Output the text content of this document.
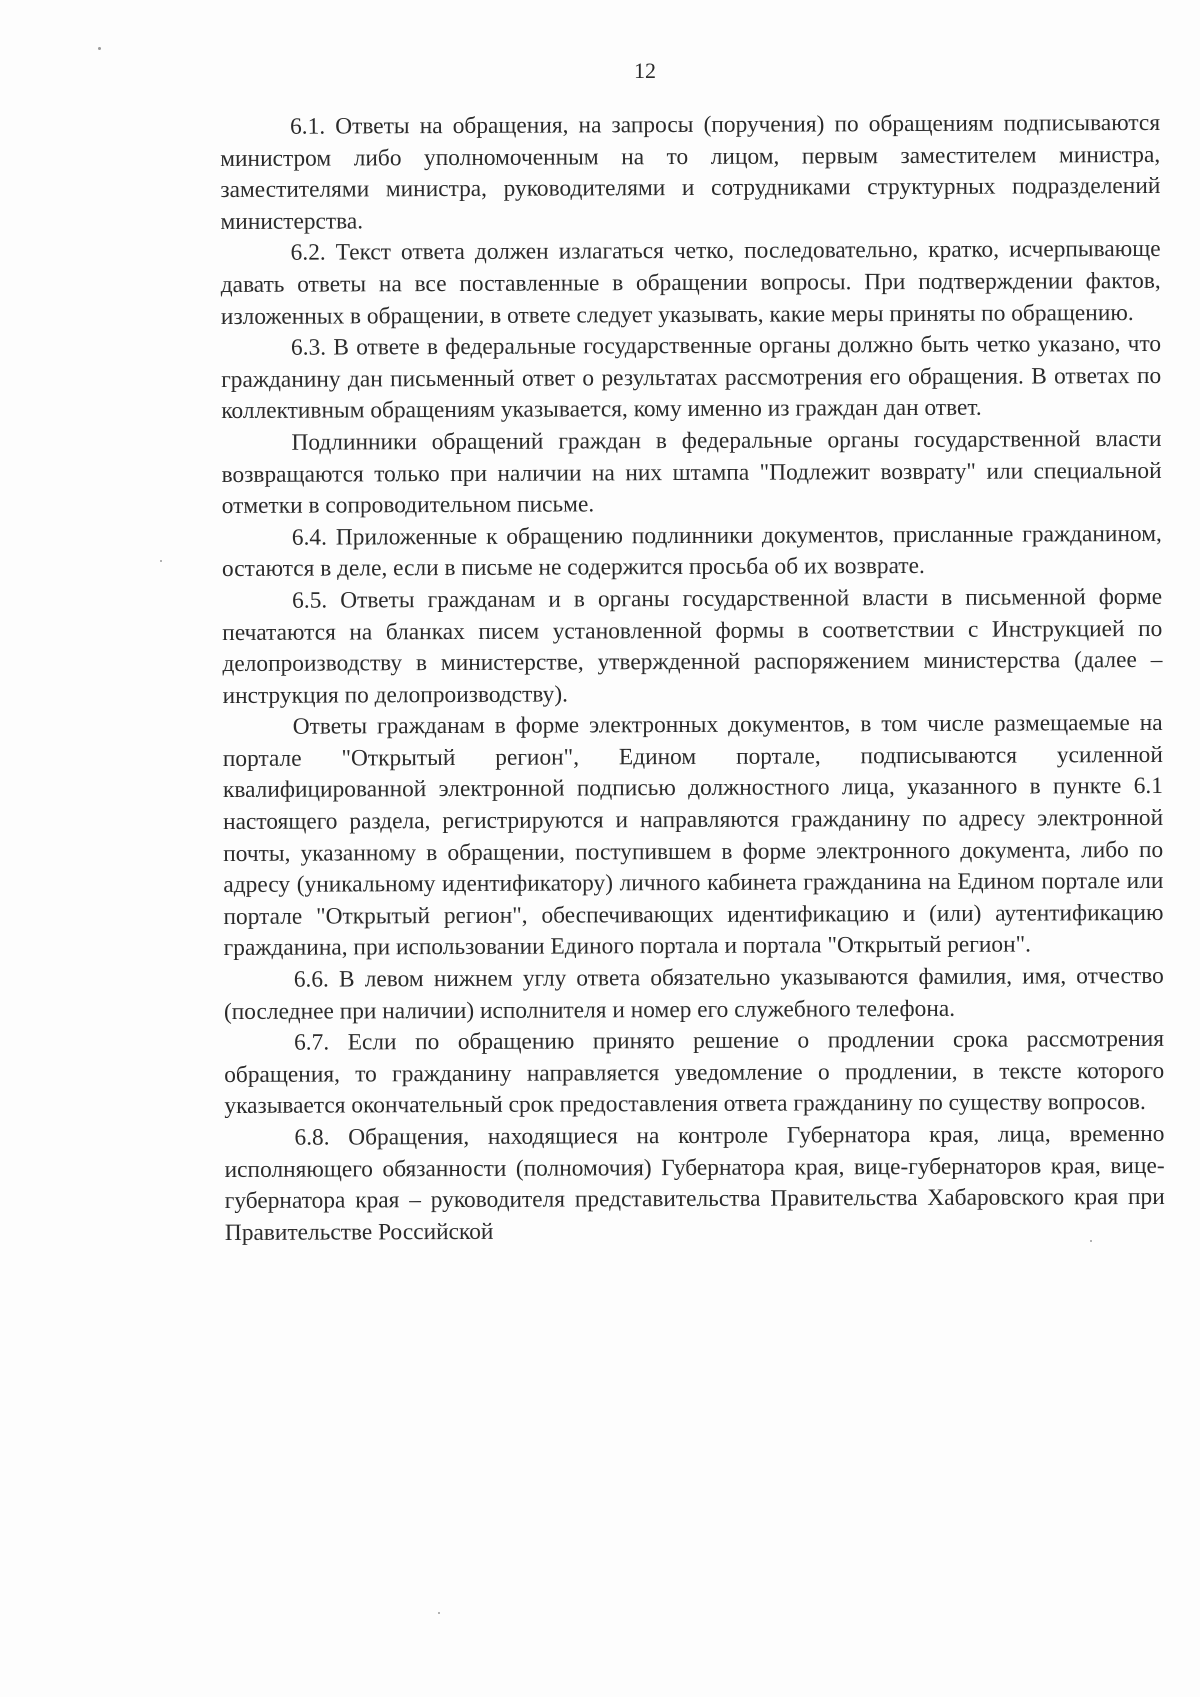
12

6.1. Ответы на обращения, на запросы (поручения) по обращениям подписываются министром либо уполномоченным на то лицом, первым заместителем министра, заместителями министра, руководителями и сотрудниками структурных подразделений министерства.

6.2. Текст ответа должен излагаться четко, последовательно, кратко, исчерпывающе давать ответы на все поставленные в обращении вопросы. При подтверждении фактов, изложенных в обращении, в ответе следует указывать, какие меры приняты по обращению.

6.3. В ответе в федеральные государственные органы должно быть четко указано, что гражданину дан письменный ответ о результатах рассмотрения его обращения. В ответах по коллективным обращениям указывается, кому именно из граждан дан ответ.

Подлинники обращений граждан в федеральные органы государственной власти возвращаются только при наличии на них штампа "Подлежит возврату" или специальной отметки в сопроводительном письме.

6.4. Приложенные к обращению подлинники документов, присланные гражданином, остаются в деле, если в письме не содержится просьба об их возврате.

6.5. Ответы гражданам и в органы государственной власти в письменной форме печатаются на бланках писем установленной формы в соответствии с Инструкцией по делопроизводству в министерстве, утвержденной распоряжением министерства (далее – инструкция по делопроизводству).

Ответы гражданам в форме электронных документов, в том числе размещаемые на портале "Открытый регион", Едином портале, подписываются усиленной квалифицированной электронной подписью должностного лица, указанного в пункте 6.1 настоящего раздела, регистрируются и направляются гражданину по адресу электронной почты, указанному в обращении, поступившем в форме электронного документа, либо по адресу (уникальному идентификатору) личного кабинета гражданина на Едином портале или портале "Открытый регион", обеспечивающих идентификацию и (или) аутентификацию гражданина, при использовании Единого портала и портала "Открытый регион".

6.6. В левом нижнем углу ответа обязательно указываются фамилия, имя, отчество (последнее при наличии) исполнителя и номер его служебного телефона.

6.7. Если по обращению принято решение о продлении срока рассмотрения обращения, то гражданину направляется уведомление о продлении, в тексте которого указывается окончательный срок предоставления ответа гражданину по существу вопросов.

6.8. Обращения, находящиеся на контроле Губернатора края, лица, временно исполняющего обязанности (полномочия) Губернатора края, вице-губернаторов края, вице-губернатора края – руководителя представительства Правительства Хабаровского края при Правительстве Российской
